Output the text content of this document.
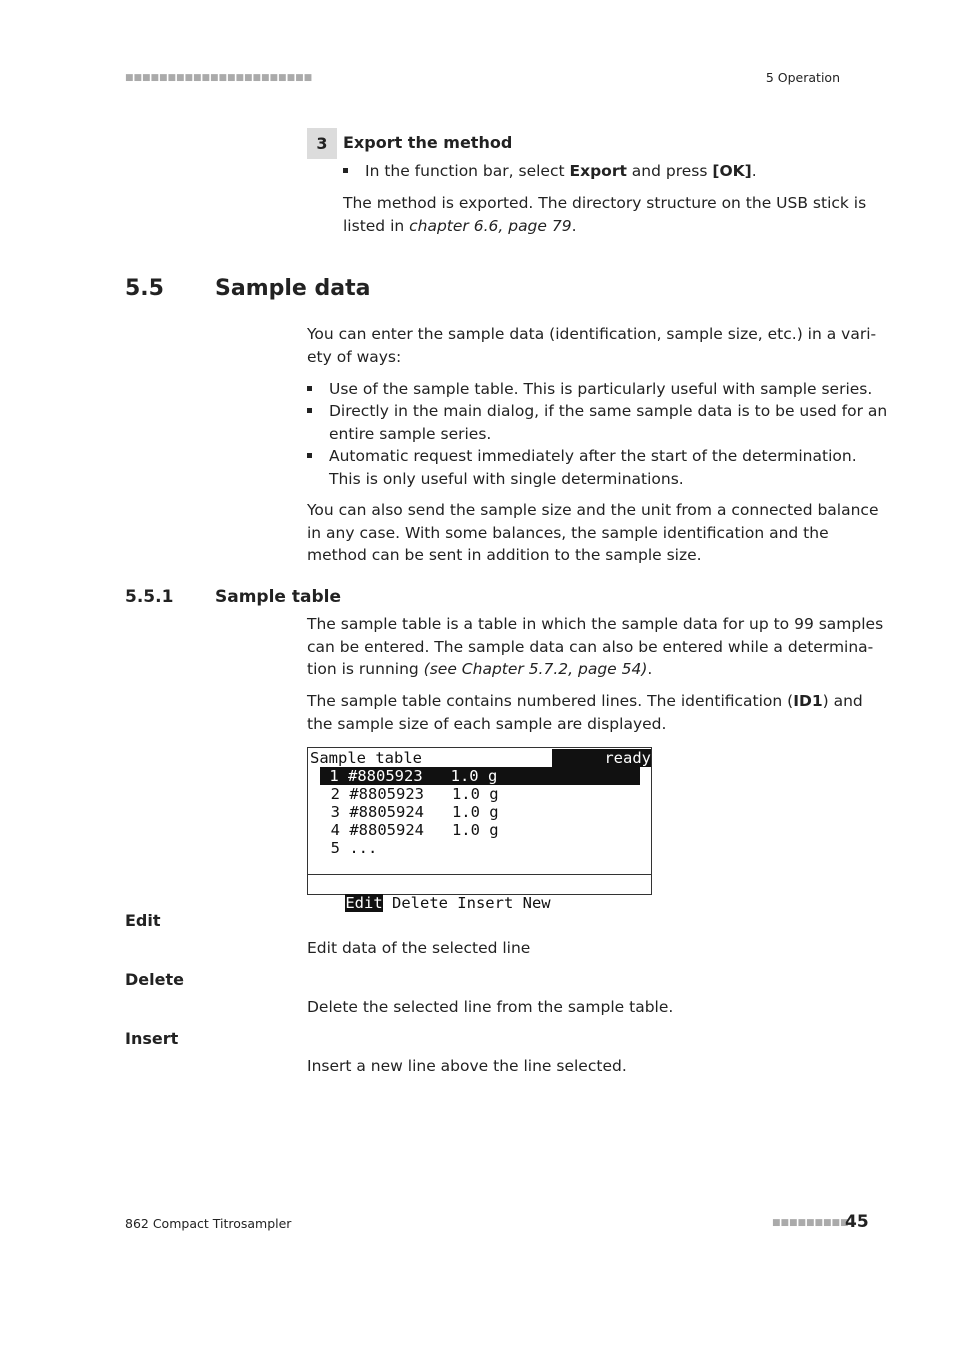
■■■■■■■■■■■■■■■■■■■■■■	5 Operation
3 Export the method
In the function bar, select Export and press [OK].
The method is exported. The directory structure on the USB stick is
listed in chapter 6.6, page 79.
5.5 Sample data
You can enter the sample data (identification, sample size, etc.) in a vari-
ety of ways:
Use of the sample table. This is particularly useful with sample series.
Directly in the main dialog, if the same sample data is to be used for an
entire sample series.
Automatic request immediately after the start of the determination.
This is only useful with single determinations.
You can also send the sample size and the unit from a connected balance
in any case. With some balances, the sample identification and the
method can be sent in addition to the sample size.
5.5.1 Sample table
The sample table is a table in which the sample data for up to 99 samples
can be entered. The sample data can also be entered while a determina-
tion is running (see Chapter 5.7.2, page 54).
The sample table contains numbered lines. The identification (ID1) and
the sample size of each sample are displayed.
Sample table	ready
1 #8805923   1.0 g
2 #8805923   1.0 g
3 #8805924   1.0 g
4 #8805924   1.0 g
5 ...

Edit Delete Insert New

Edit
Edit data of the selected line
Delete
Delete the selected line from the sample table.
Insert
Insert a new line above the line selected.
862 Compact Titrosampler	■■■■■■■■■
45
